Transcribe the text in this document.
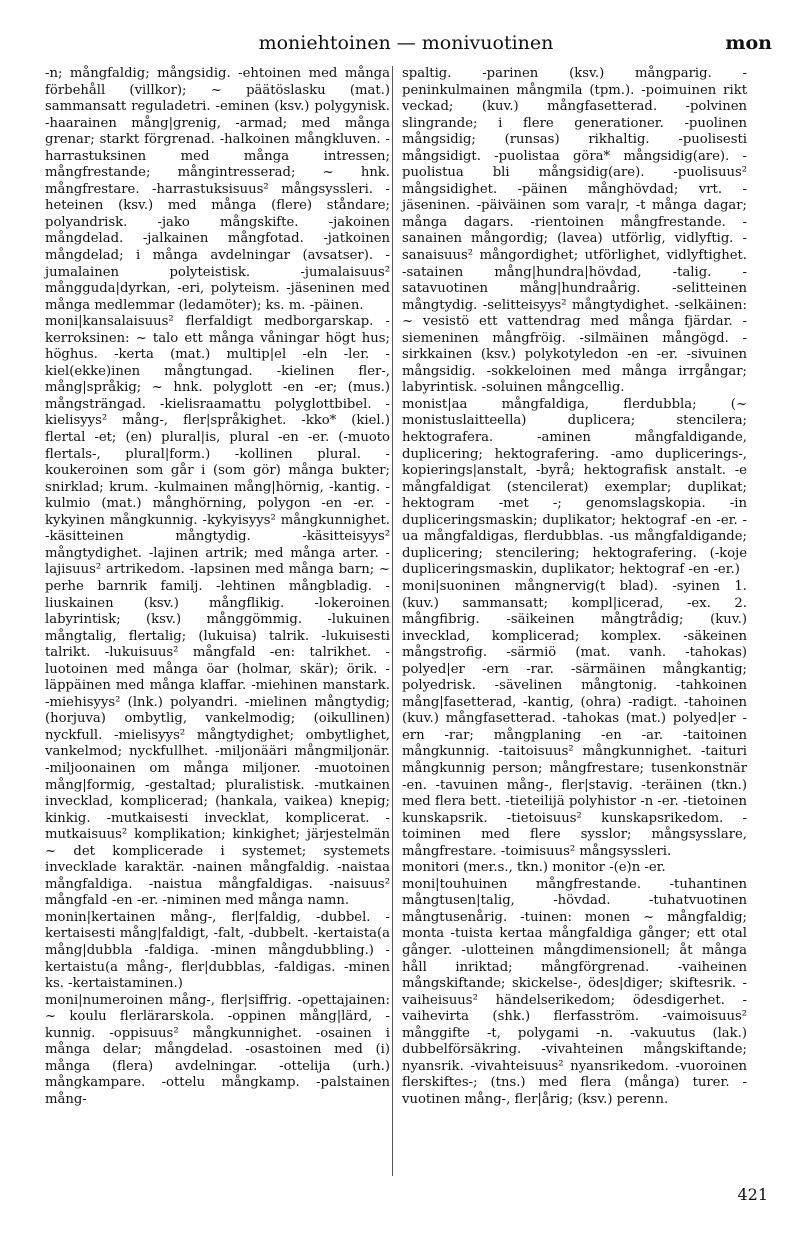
moniehtoinen — monivuotinen	mon

-n; mångfaldig; mångsidig. -ehtoinen med många förbehåll (villkor); ~ päätöslasku (mat.) sammansatt reguladetri. -eminen (ksv.) polygynisk. -haarainen mång|grenig, -armad; med många grenar; starkt förgrenad. -halkoinen mångkluven. -harrastuksinen med många intressen; mångfrestande; mångintresserad; ~ hnk. mångfrestare. -harrastuksisuus² mångsyssleri. -heteinen (ksv.) med många (flere) ståndare; polyandrisk. -jako mångskifte. -jakoinen mångdelad. -jalkainen mångfotad. -jatkoinen mångdelad; i många avdelningar (avsatser). -jumalainen polyteistisk. -jumalaisuus² mångguda|dyrkan, -eri, polyteism. -jäseninen med många medlemmar (ledamöter); ks. m. -päinen.

moni|kansalaisuus² flerfaldigt medborgarskap. -kerroksinen: ~ talo ett många våningar högt hus; höghus. -kerta (mat.) multip|el -eln -ler. -kiel(ekke)inen mångtungad. -kielinen fler-, mång|språkig; ~ hnk. polyglott -en -er; (mus.) mångsträngad. -kielisraamattu polyglottbibel. -kielisyys² mång-, fler|språkighet. -kko* (kiel.) flertal -et; (en) plural|is, plural -en -er. (-muoto flertals-, plural|form.) -kollinen plural. -koukeroinen som går i (som gör) många bukter; snirklad; krum. -kulmainen mång|hörnig, -kantig. -kulmio (mat.) månghörning, polygon -en -er. -kykyinen mångkunnig. -kykyisyys² mångkunnighet. -käsitteinen mångtydig. -käsitteisyys² mångtydighet. -lajinen artrik; med många arter. -lajisuus² artrikedom. -lapsinen med många barn; ~ perhe barnrik familj. -lehtinen mångbladig. -liuskainen (ksv.) mångflikig. -lokeroinen labyrintisk; (ksv.) månggömmig. -lukuinen mångtalig, flertalig; (lukuisa) talrik. -lukuisesti talrikt. -lukuisuus² mångfald -en: talrikhet. -luotoinen med många öar (holmar, skär); örik. -läppäinen med många klaffar. -miehinen manstark. -miehisyys² (lnk.) polyandri. -mielinen mångtydig; (horjuva) ombytlig, vankelmodig; (oikullinen) nyckfull. -mielisyys² mångtydighet; ombytlighet, vankelmod; nyckfullhet. -miljonääri mångmiljonär. -miljoonainen om många miljoner. -muotoinen mång|formig, -gestaltad; pluralistisk. -mutkainen invecklad, komplicerad; (hankala, vaikea) knepig; kinkig. -mutkaisesti invecklat, komplicerat. -mutkaisuus² komplikation; kinkighet; järjestelmän ~ det komplicerade i systemet; systemets invecklade karaktär. -nainen mångfaldig. -naistaa mångfaldiga. -naistua mångfaldigas. -naisuus² mångfald -en -er. -niminen med många namn.

monin|kertainen mång-, fler|faldig, -dubbel. -kertaisesti mång|faldigt, -falt, -dubbelt. -kertaista(a mång|dubbla -faldiga. -minen mångdubbling.) -kertaistu(a mång-, fler|dubblas, -faldigas. -minen ks. -kertaistaminen.)

moni|numeroinen mång-, fler|siffrig. -opettajainen: ~ koulu flerlärarskola. -oppinen mång|lärd, -kunnig. -oppisuus² mångkunnighet. -osainen i många delar; mångdelad. -osastoinen med (i) många (flera) avdelningar. -ottelija (urh.) mångkampare. -ottelu mångkamp. -palstainen mång-

spaltig. -parinen (ksv.) mångparig. -peninkulmainen mångmila (tpm.). -poimuinen rikt veckad; (kuv.) mångfasetterad. -polvinen slingrande; i flere generationer. -puolinen mångsidig; (runsas) rikhaltig. -puolisesti mångsidigt. -puolistaa göra* mångsidig(are). -puolistua bli mångsidig(are). -puolisuus² mångsidighet. -päinen månghövdad; vrt. -jäseninen. -päiväinen som vara|r, -t många dagar; många dagars. -rientoinen mångfrestande. -sanainen mångordig; (lavea) utförlig, vidlyftig. -sanaisuus² mångordighet; utförlighet, vidlyftighet. -satainen mång|hundra|hövdad, -talig. -satavuotinen mång|hundraårig. -selitteinen mångtydig. -selitteisyys² mångtydighet. -selkäinen: ~ vesistö ett vattendrag med många fjärdar. -siemeninen mångfröig. -silmäinen mångögd. -sirkkainen (ksv.) polykotyledon -en -er. -sivuinen mångsidig. -sokkeloinen med många irrgångar; labyrintisk. -soluinen mångcellig.

monist|aa mångfaldiga, flerdubbla; (~ monistuslaitteella) duplicera; stencilera; hektografera. -aminen mångfaldigande, duplicering; hektografering. -amo duplicerings-, kopierings|anstalt, -byrå; hektografisk anstalt. -e mångfaldigat (stencilerat) exemplar; duplikat; hektogram -met -; genomslagskopia. -in dupliceringsmaskin; duplikator; hektograf -en -er. -ua mångfaldigas, flerdubblas. -us mångfaldigande; duplicering; stencilering; hektografering. (-koje dupliceringsmaskin, duplikator; hektograf -en -er.)

moni|suoninen mångnervig(t blad). -syinen 1. (kuv.) sammansatt; kompl|icerad, -ex. 2. mångfibrig. -säikeinen mångtrådig; (kuv.) invecklad, komplicerad; komplex. -säkeinen mångstrofig. -särmiö (mat. vanh. -tahokas) polyed|er -ern -rar. -särmäinen mångkantig; polyedrisk. -sävelinen mångtonig. -tahkoinen mång|fasetterad, -kantig, (ohra) -radigt. -tahoinen (kuv.) mångfasetterad. -tahokas (mat.) polyed|er -ern -rar; mångplaning -en -ar. -taitoinen mångkunnig. -taitoisuus² mångkunnighet. -taituri mångkunnig person; mångfrestare; tusenkonstnär -en. -tavuinen mång-, fler|stavig. -teräinen (tkn.) med flera bett. -tieteilijä polyhistor -n -er. -tietoinen kunskapsrik. -tietoisuus² kunskapsrikedom. -toiminen med flere sysslor; mångsysslare, mångfrestare. -toimisuus² mångsyssleri.

monitori (mer.s., tkn.) monitor -(e)n -er.

moni|touhuinen mångfrestande. -tuhantinen mångtusen|talig, -hövdad. -tuhatvuotinen mångtusenårig. -tuinen: monen ~ mångfaldig; monta -tuista kertaa mångfaldiga gånger; ett otal gånger. -ulotteinen mångdimensionell; åt många håll inriktad; mångförgrenad. -vaiheinen mångskiftande; skickelse-, ödes|diger; skiftesrik. -vaiheisuus² händelserikedom; ödesdigerhet. -vaihevirta (shk.) flerfasström. -vaimoisuus² månggifte -t, polygami -n. -vakuutus (lak.) dubbelförsäkring. -vivahteinen mångskiftande; nyansrik. -vivahteisuus² nyansrikedom. -vuoroinen flerskiftes-; (tns.) med flera (många) turer. -vuotinen mång-, fler|årig; (ksv.) perenn.

421
